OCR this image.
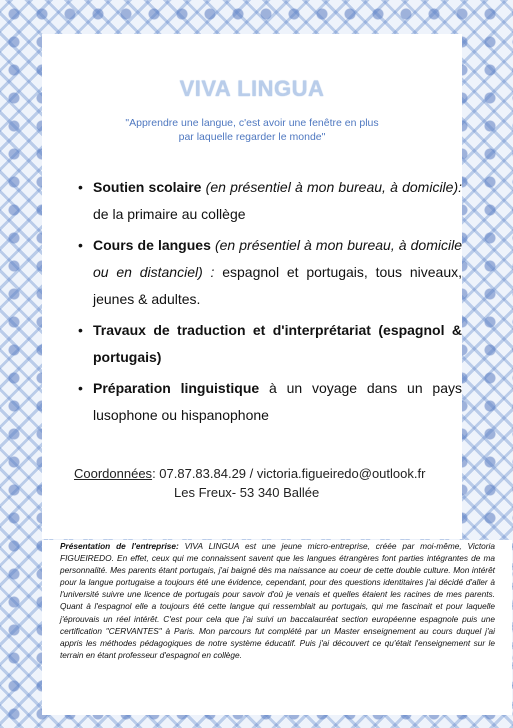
VIVA LINGUA
"Apprendre une langue, c'est avoir une fenêtre en plus
par laquelle regarder le monde"
• Soutien scolaire (en présentiel à mon bureau, à domicile): de la primaire au collège
• Cours de langues (en présentiel à mon bureau, à domicile ou en distanciel) : espagnol et portugais, tous niveaux, jeunes & adultes.
• Travaux de traduction et d'interprétariat (espagnol & portugais)
• Préparation linguistique à un voyage dans un pays lusophone ou hispanophone
Coordonnées: 07.87.83.84.29 / victoria.figueiredo@outlook.fr
Les Freux- 53 340 Ballée

Présentation de l'entreprise: VIVA LINGUA est une jeune micro-entreprise, créée par moi-même, Victoria FIGUEIREDO. En effet, ceux qui me connaissent savent que les langues étrangères font parties intégrantes de ma personnalité. Mes parents étant portugais, j'ai baigné dès ma naissance au coeur de cette double culture. Mon intérêt pour la langue portugaise a toujours été une évidence, cependant, pour des questions identitaires j'ai décidé d'aller à l'université suivre une licence de portugais pour savoir d'où je venais et quelles étaient les racines de mes parents. Quant à l'espagnol elle a toujours été cette langue qui ressemblait au portugais, qui me fascinait et pour laquelle j'éprouvais un réel intérêt. C'est pour cela que j'ai suivi un baccalauréat section européenne espagnole puis une certification "CERVANTES" à Paris. Mon parcours fut complété par un Master enseignement au cours duquel j'ai appris les méthodes pédagogiques de notre système éducatif. Puis j'ai découvert ce qu'était l'enseignement sur le terrain en étant professeur d'espagnol en collège.
